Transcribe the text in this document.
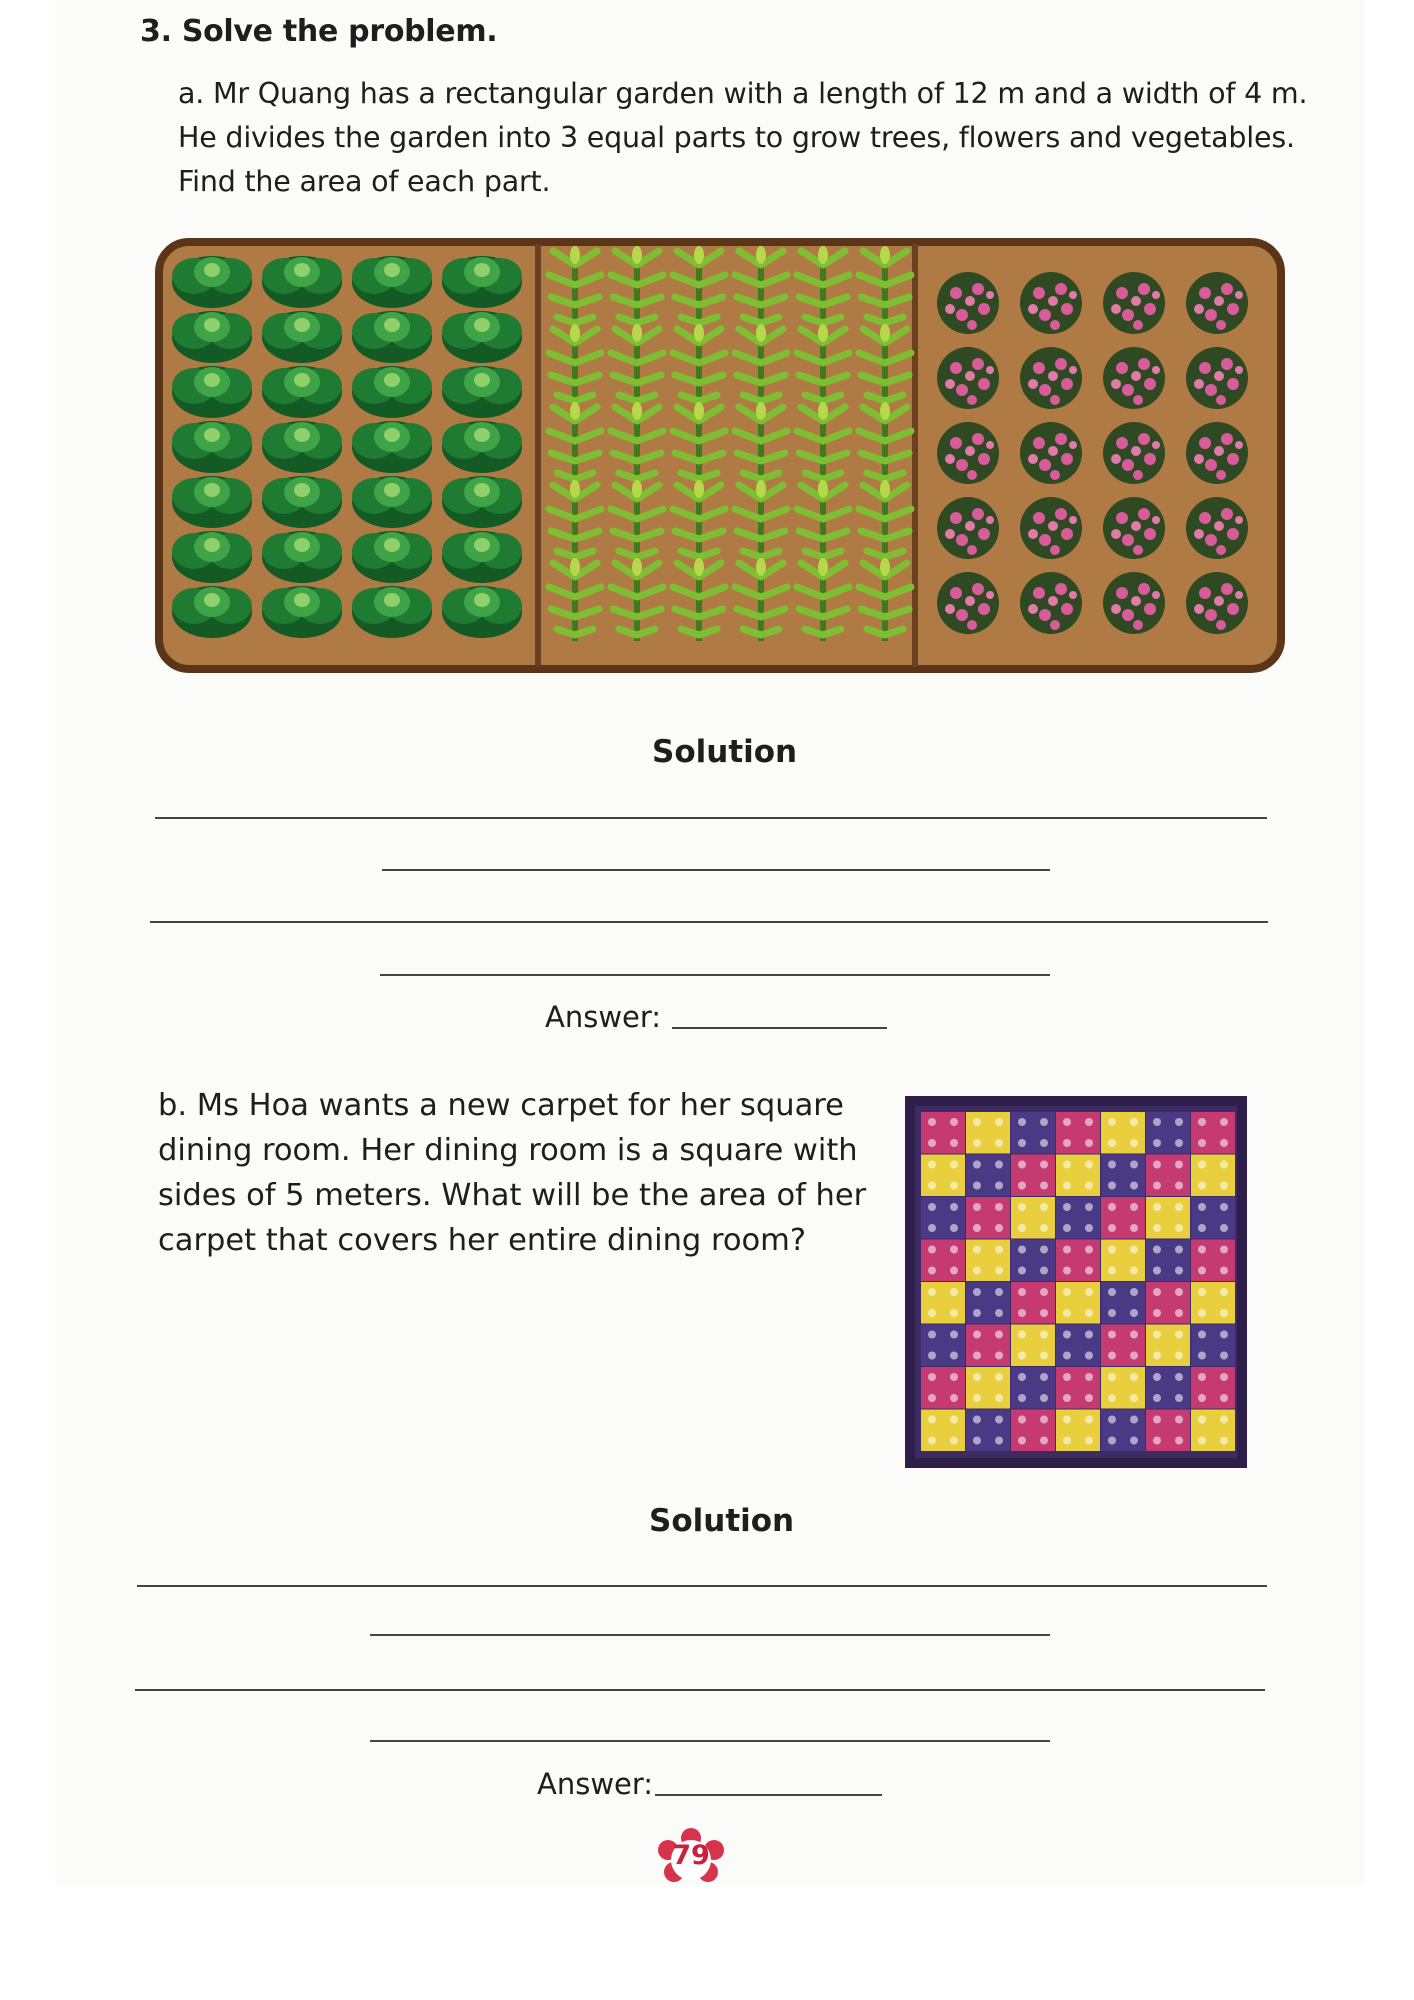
3. Solve the problem.

a. Mr Quang has a rectangular garden with a length of 12 m and a width of 4 m.

He divides the garden into 3 equal parts to grow trees, flowers and vegetables.

Find the area of each part.

Solution
Answer:

b. Ms Hoa wants a new carpet for her square

dining room. Her dining room is a square with

sides of 5 meters. What will be the area of her

carpet that covers her entire dining room?

Solution
Answer:
79
